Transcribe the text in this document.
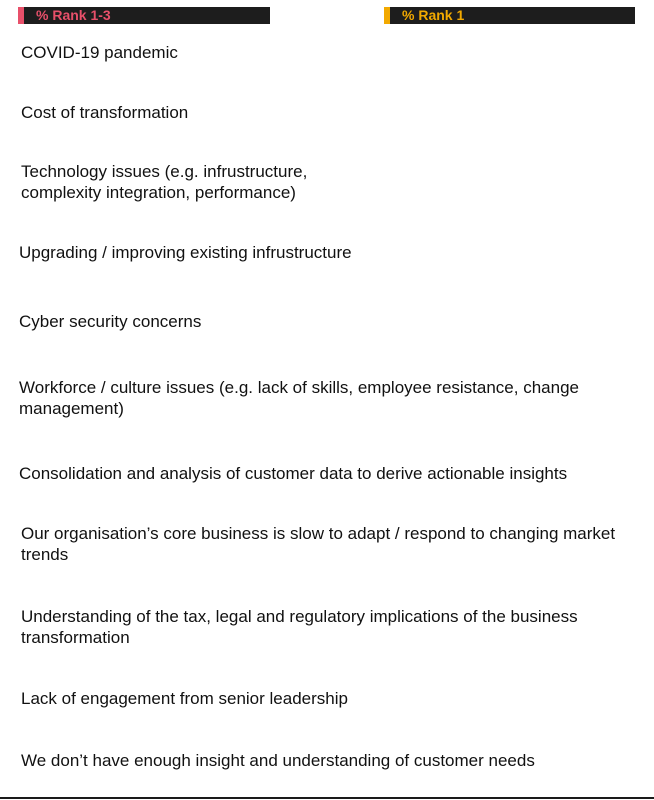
% Rank 1-3	% Rank 1
COVID-19 pandemic
Cost of transformation
Technology issues (e.g. infrustructure,
complexity integration, performance)
Upgrading / improving existing infrustructure
Cyber security concerns
Workforce / culture issues (e.g. lack of skills, employee resistance, change management)
Consolidation and analysis of customer data to derive actionable insights
Our organisation’s core business is slow to adapt / respond to changing market trends
Understanding of the tax, legal and regulatory implications of the business transformation
Lack of engagement from senior leadership
We don’t have enough insight and understanding of customer needs
